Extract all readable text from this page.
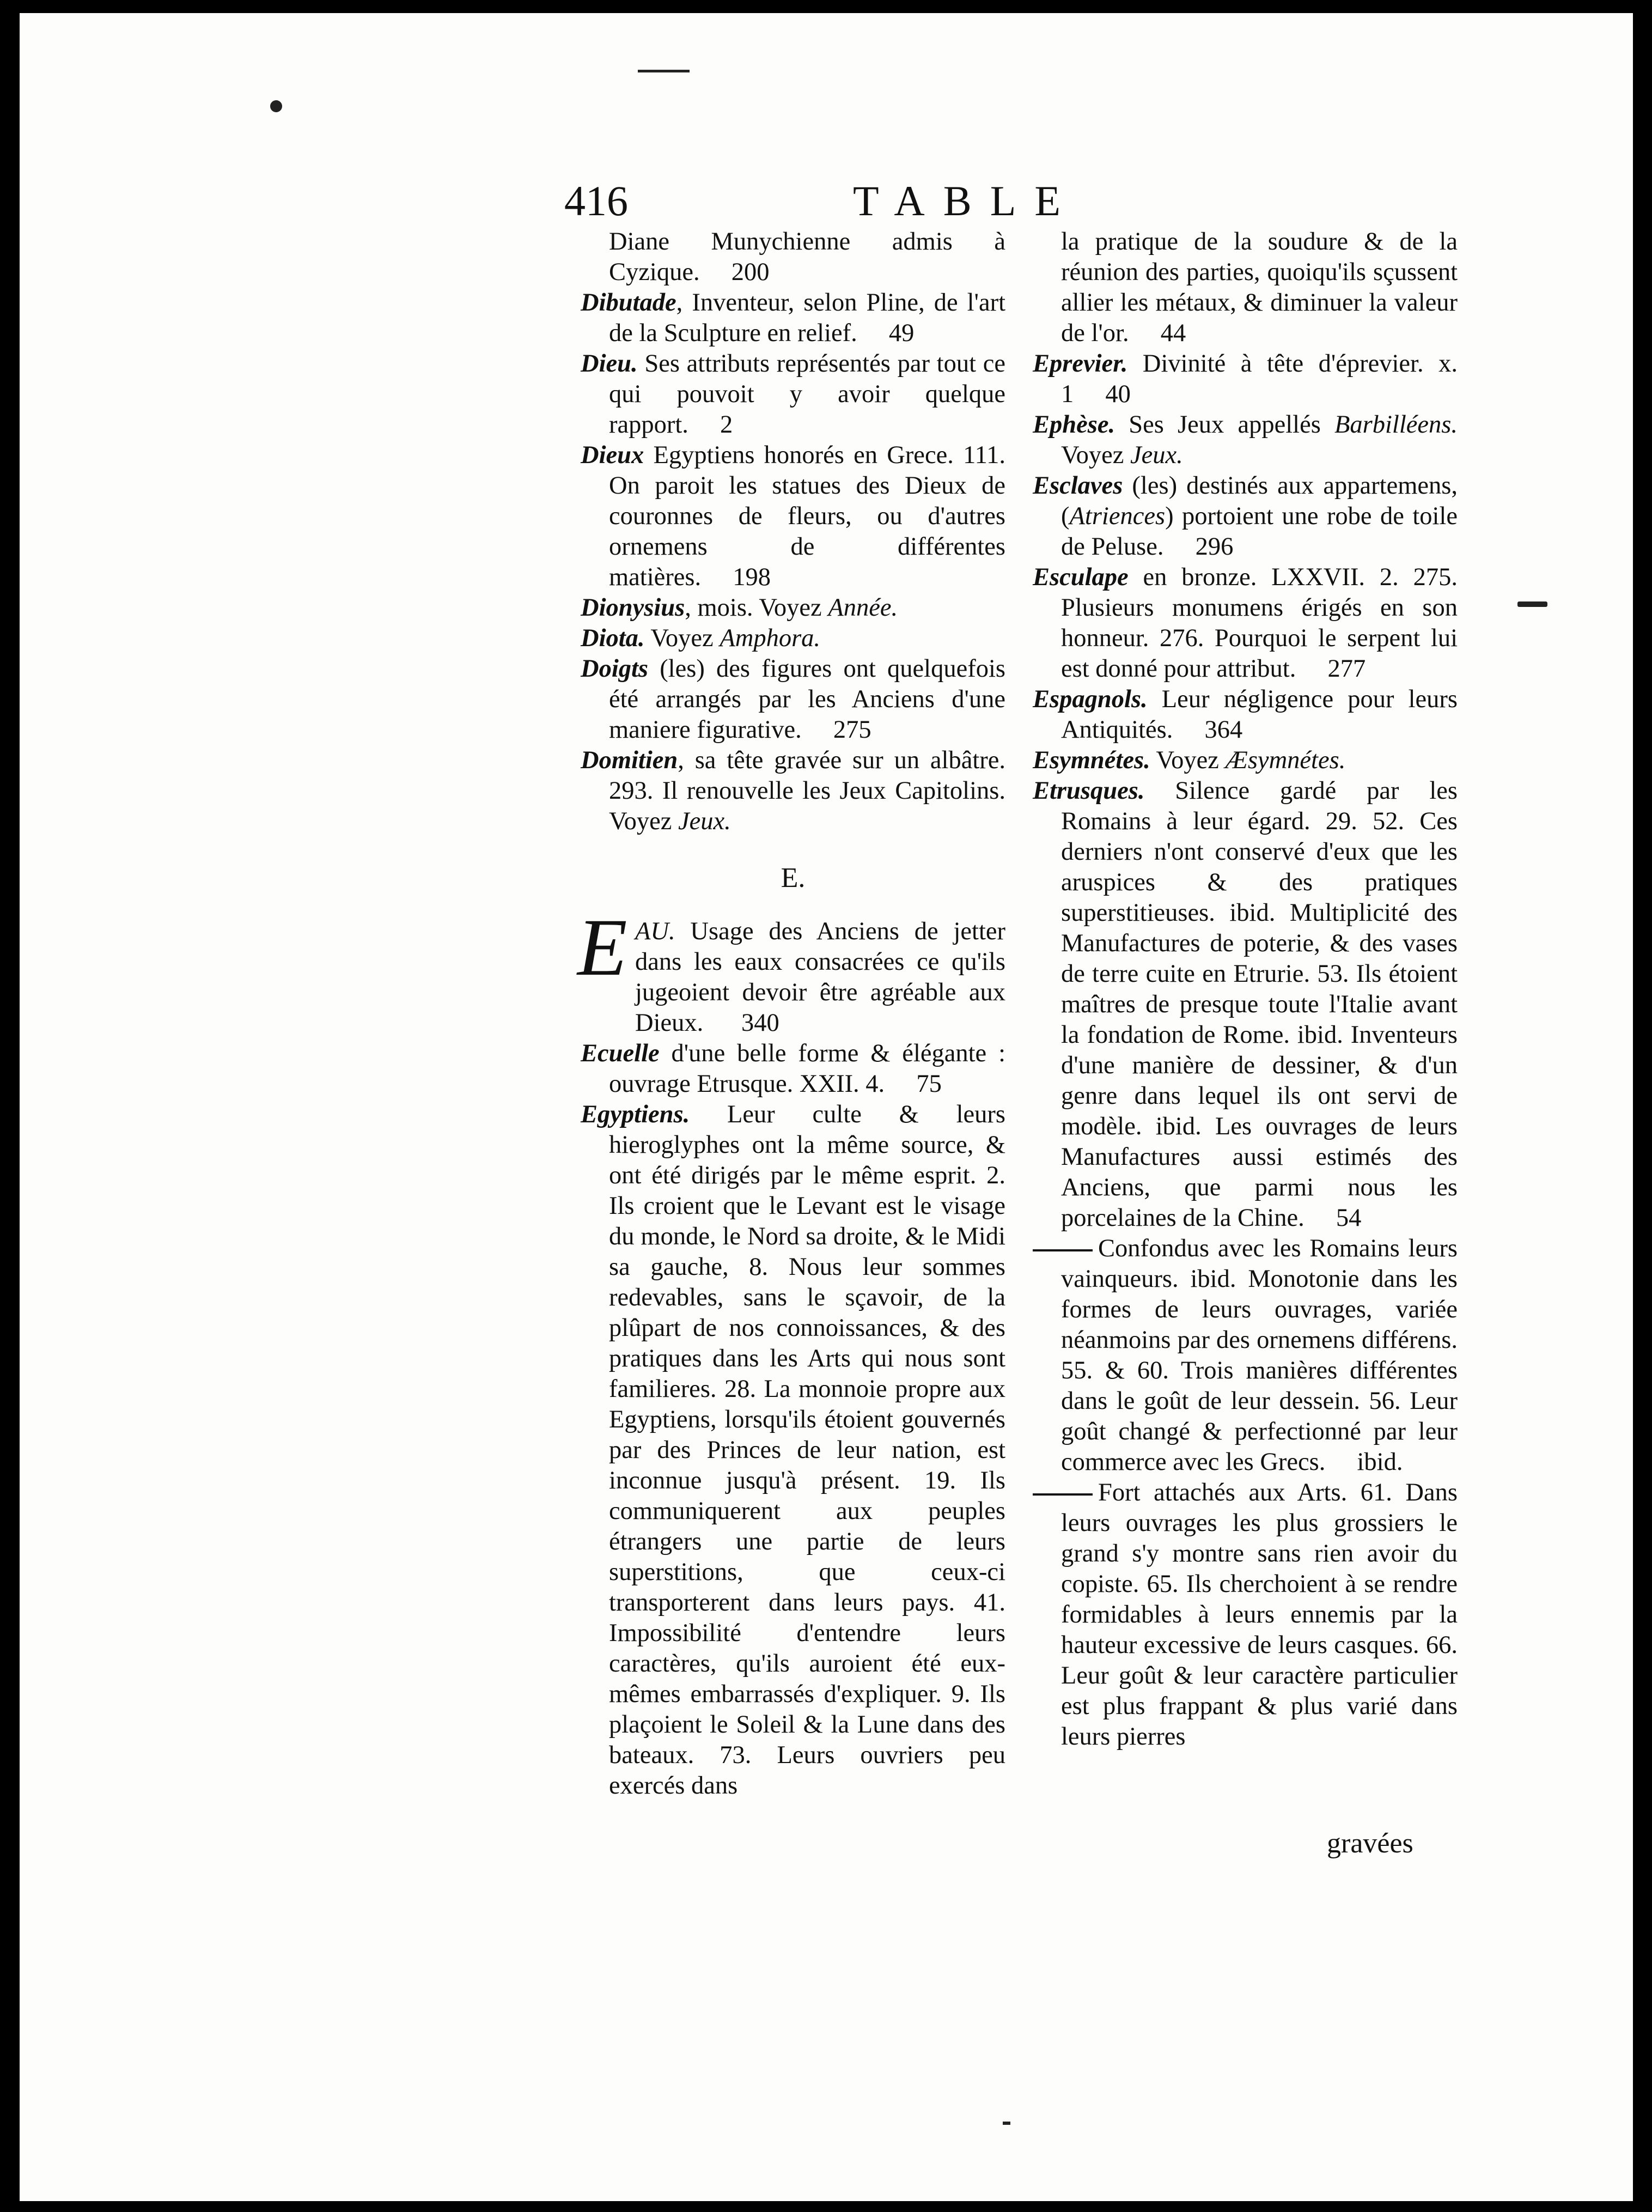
416	TABLE

Diane Munychienne admis à Cyzique.     200

Dibutade, Inventeur, selon Pline, de l'art de la Sculpture en relief.     49

Dieu. Ses attributs représentés par tout ce qui pouvoit y avoir quelque rapport.     2

Dieux Egyptiens honorés en Grece. 111. On paroit les statues des Dieux de couronnes de fleurs, ou d'autres ornemens de différentes matières.     198

Dionysius, mois. Voyez Année.

Diota. Voyez Amphora.

Doigts (les) des figures ont quelquefois été arrangés par les Anciens d'une maniere figurative.     275

Domitien, sa tête gravée sur un albâtre. 293. Il renouvelle les Jeux Capitolins. Voyez Jeux.

E.

E AU. Usage des Anciens de jetter dans les eaux consacrées ce qu'ils jugeoient devoir être agréable aux Dieux. 340

Ecuelle d'une belle forme & élégante : ouvrage Etrusque. XXII. 4.     75

Egyptiens. Leur culte & leurs hieroglyphes ont la même source, & ont été dirigés par le même esprit. 2. Ils croient que le Levant est le visage du monde, le Nord sa droite, & le Midi sa gauche, 8. Nous leur sommes redevables, sans le sçavoir, de la plûpart de nos connoissances, & des pratiques dans les Arts qui nous sont familieres. 28. La monnoie propre aux Egyptiens, lorsqu'ils étoient gouvernés par des Princes de leur nation, est inconnue jusqu'à présent. 19. Ils communiquerent aux peuples étrangers une partie de leurs superstitions, que ceux-ci transporterent dans leurs pays. 41. Impossibilité d'entendre leurs caractères, qu'ils auroient été eux-mêmes embarrassés d'expliquer. 9. Ils plaçoient le Soleil & la Lune dans des bateaux. 73. Leurs ouvriers peu exercés dans

la pratique de la soudure & de la réunion des parties, quoiqu'ils sçussent allier les métaux, & diminuer la valeur de l'or.     44

Eprevier. Divinité à tête d'éprevier. x. 1     40

Ephèse. Ses Jeux appellés Barbilléens. Voyez Jeux.

Esclaves (les) destinés aux appartemens, (Atriences) portoient une robe de toile de Peluse.     296

Esculape en bronze. LXXVII. 2. 275. Plusieurs monumens érigés en son honneur. 276. Pourquoi le serpent lui est donné pour attribut.     277

Espagnols. Leur négligence pour leurs Antiquités.     364

Esymnétes. Voyez Æsymnétes.

Etrusques. Silence gardé par les Romains à leur égard. 29. 52. Ces derniers n'ont conservé d'eux que les aruspices & des pratiques superstitieuses. ibid. Multiplicité des Manufactures de poterie, & des vases de terre cuite en Etrurie. 53. Ils étoient maîtres de presque toute l'Italie avant la fondation de Rome. ibid. Inventeurs d'une manière de dessiner, & d'un genre dans lequel ils ont servi de modèle. ibid. Les ouvrages de leurs Manufactures aussi estimés des Anciens, que parmi nous les porcelaines de la Chine.     54

Confondus avec les Romains leurs vainqueurs. ibid. Monotonie dans les formes de leurs ouvrages, variée néanmoins par des ornemens différens. 55. & 60. Trois manières différentes dans le goût de leur dessein. 56. Leur goût changé & perfectionné par leur commerce avec les Grecs.     ibid.

Fort attachés aux Arts. 61. Dans leurs ouvrages les plus grossiers le grand s'y montre sans rien avoir du copiste. 65. Ils cherchoient à se rendre formidables à leurs ennemis par la hauteur excessive de leurs casques. 66. Leur goût & leur caractère particulier est plus frappant & plus varié dans leurs pierres

gravées
